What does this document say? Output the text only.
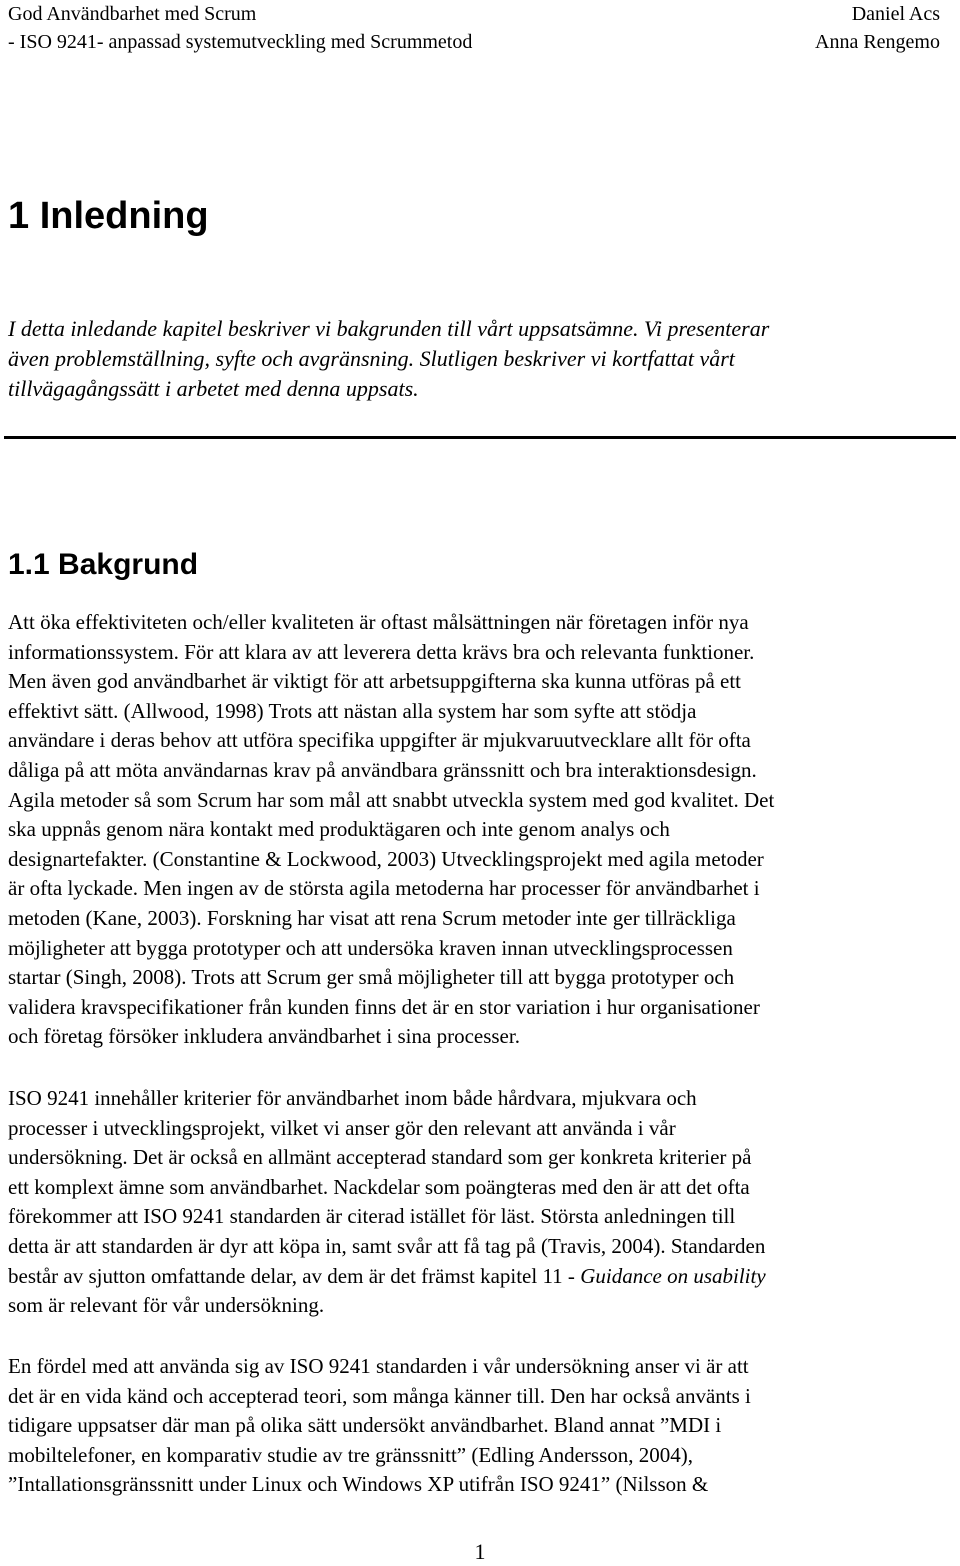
God Användbarhet med Scrum	Daniel Acs
- ISO 9241- anpassad systemutveckling med Scrummetod	Anna Rengemo
1 Inledning

I detta inledande kapitel beskriver vi bakgrunden till vårt uppsatsämne. Vi presenterar
även problemställning, syfte och avgränsning. Slutligen beskriver vi kortfattat vårt
tillvägagångssätt i arbetet med denna uppsats.

1.1 Bakgrund

Att öka effektiviteten och/eller kvaliteten är oftast målsättningen när företagen inför nya
informationssystem. För att klara av att leverera detta krävs bra och relevanta funktioner.
Men även god användbarhet är viktigt för att arbetsuppgifterna ska kunna utföras på ett
effektivt sätt. (Allwood, 1998) Trots att nästan alla system har som syfte att stödja
användare i deras behov att utföra specifika uppgifter är mjukvaruutvecklare allt för ofta
dåliga på att möta användarnas krav på användbara gränssnitt och bra interaktionsdesign.
Agila metoder så som Scrum har som mål att snabbt utveckla system med god kvalitet. Det
ska uppnås genom nära kontakt med produktägaren och inte genom analys och
designartefakter. (Constantine & Lockwood, 2003) Utvecklingsprojekt med agila metoder
är ofta lyckade. Men ingen av de största agila metoderna har processer för användbarhet i
metoden (Kane, 2003). Forskning har visat att rena Scrum metoder inte ger tillräckliga
möjligheter att bygga prototyper och att undersöka kraven innan utvecklingsprocessen
startar (Singh, 2008). Trots att Scrum ger små möjligheter till att bygga prototyper och
validera kravspecifikationer från kunden finns det är en stor variation i hur organisationer
och företag försöker inkludera användbarhet i sina processer.

ISO 9241 innehåller kriterier för användbarhet inom både hårdvara, mjukvara och
processer i utvecklingsprojekt, vilket vi anser gör den relevant att använda i vår
undersökning. Det är också en allmänt accepterad standard som ger konkreta kriterier på
ett komplext ämne som användbarhet. Nackdelar som poängteras med den är att det ofta
förekommer att ISO 9241 standarden är citerad istället för läst. Största anledningen till
detta är att standarden är dyr att köpa in, samt svår att få tag på (Travis, 2004). Standarden
består av sjutton omfattande delar, av dem är det främst kapitel 11 - Guidance on usability
som är relevant för vår undersökning.

En fördel med att använda sig av ISO 9241 standarden i vår undersökning anser vi är att
det är en vida känd och accepterad teori, som många känner till. Den har också använts i
tidigare uppsatser där man på olika sätt undersökt användbarhet. Bland annat ”MDI i
mobiltelefoner, en komparativ studie av tre gränssnitt” (Edling Andersson, 2004),
”Intallationsgränssnitt under Linux och Windows XP utifrån ISO 9241” (Nilsson &

1
